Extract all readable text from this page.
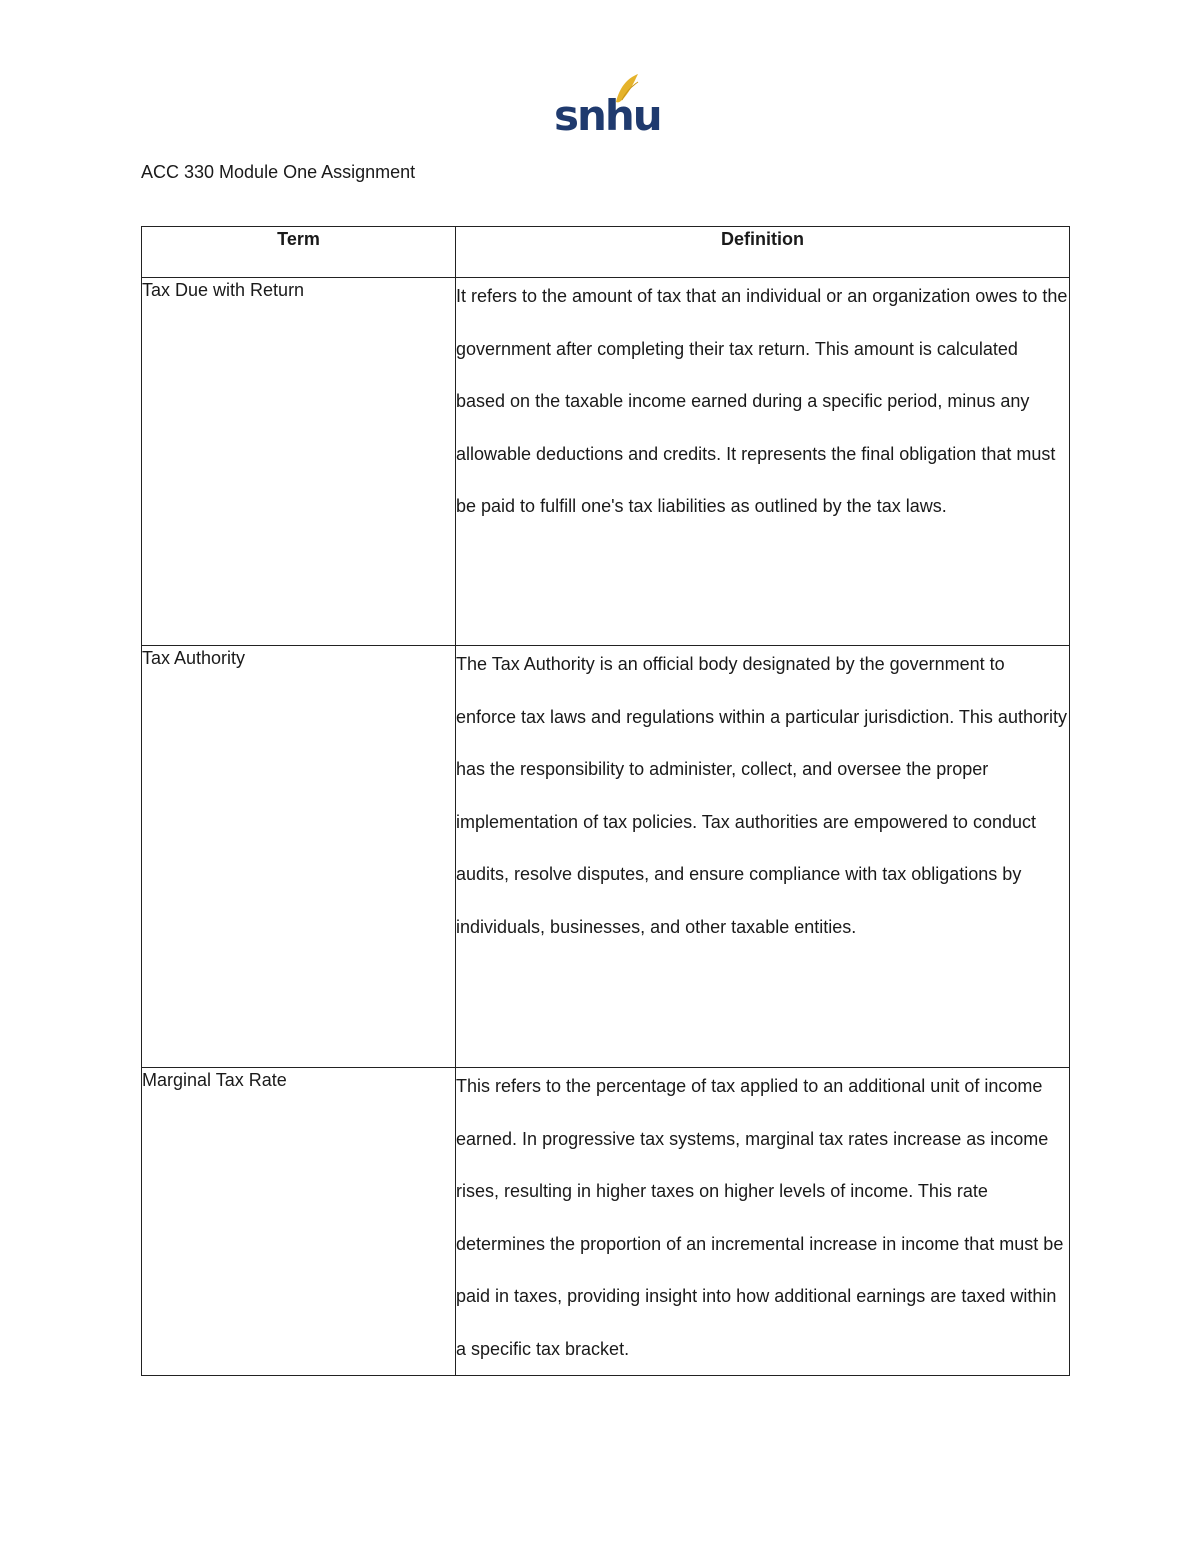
snhu
ACC 330 Module One Assignment
Term	Definition
Tax Due with Return	It refers to the amount of tax that an individual or an organization owes to the government after completing their tax return. This amount is calculated based on the taxable income earned during a specific period, minus any allowable deductions and credits. It represents the final obligation that must be paid to fulfill one's tax liabilities as outlined by the tax laws.

Tax Authority	The Tax Authority is an official body designated by the government to enforce tax laws and regulations within a particular jurisdiction. This authority has the responsibility to administer, collect, and oversee the proper implementation of tax policies. Tax authorities are empowered to conduct audits, resolve disputes, and ensure compliance with tax obligations by individuals, businesses, and other taxable entities.

Marginal Tax Rate	This refers to the percentage of tax applied to an additional unit of income earned. In progressive tax systems, marginal tax rates increase as income rises, resulting in higher taxes on higher levels of income. This rate determines the proportion of an incremental increase in income that must be paid in taxes, providing insight into how additional earnings are taxed within a specific tax bracket.
